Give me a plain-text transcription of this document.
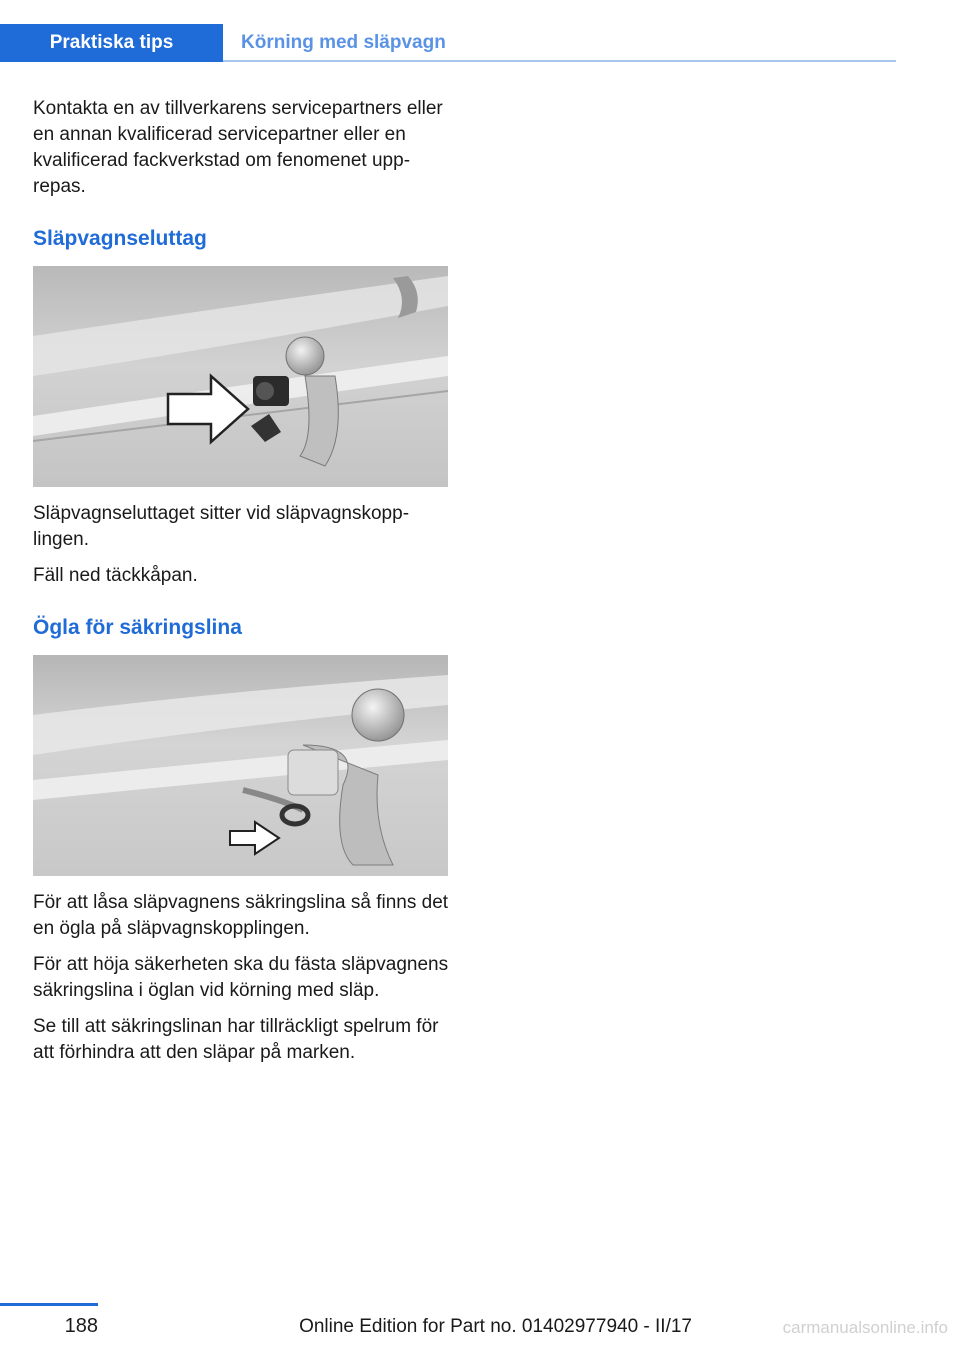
Praktiska tips	Körning med släpvagn

Kontakta en av tillverkarens servicepartners eller en annan kvalificerad servicepartner eller en kvalificerad fackverkstad om fenomenet upprepas.

Släpvagnseluttag

Släpvagnseluttaget sitter vid släpvagnskopplingen.

Fäll ned täckkåpan.

Ögla för säkringslina

För att låsa släpvagnens säkringslina så finns det en ögla på släpvagnskopplingen.

För att höja säkerheten ska du fästa släpvagnens säkringslina i öglan vid körning med släp.

Se till att säkringslinan har tillräckligt spelrum för att förhindra att den släpar på marken.

188	Online Edition for Part no. 01402977940 - II/17	carmanualsonline.info
